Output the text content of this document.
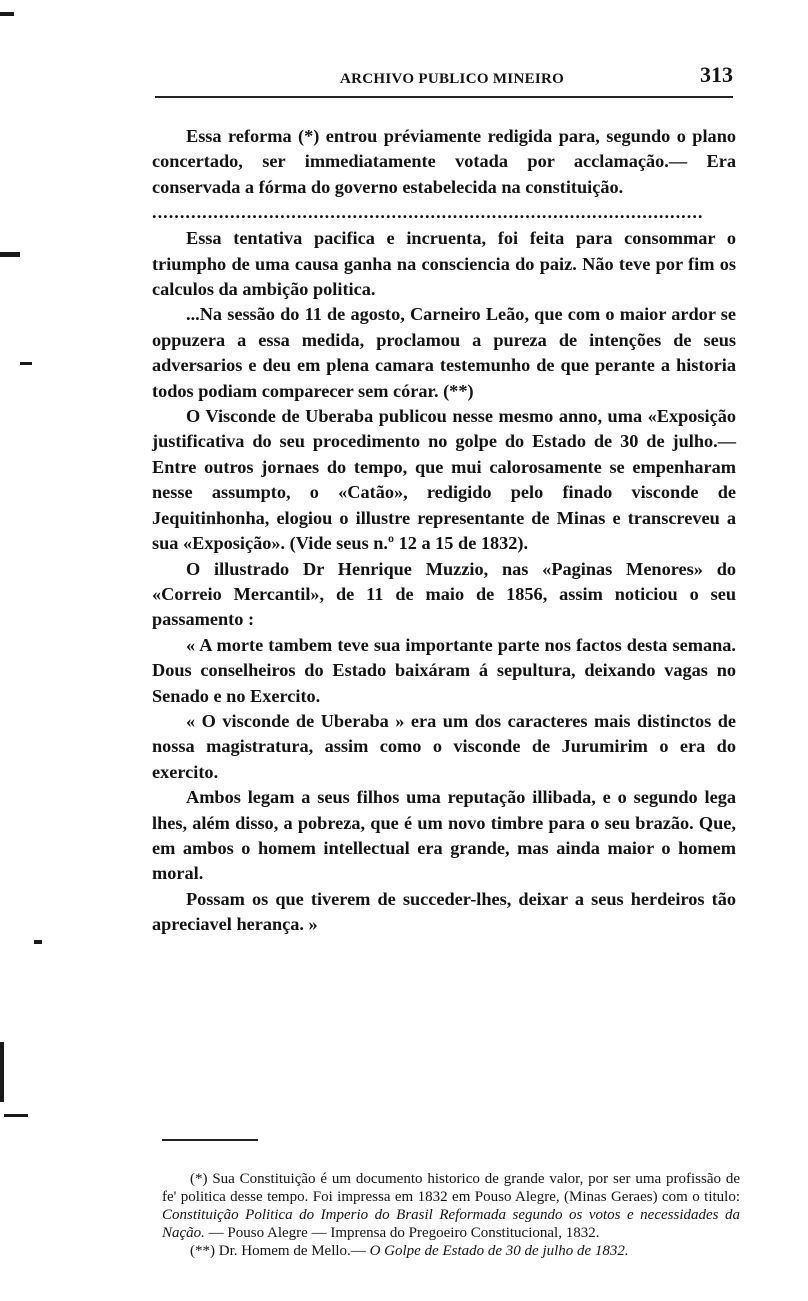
ARCHIVO PUBLICO MINEIRO	313

Essa reforma (*) entrou préviamente redigida para, segundo o plano concertado, ser immediatamente votada por acclamação.— Era conservada a fórma do governo estabelecida na constituição.

...................................................................................................

Essa tentativa pacifica e incruenta, foi feita para consommar o triumpho de uma causa ganha na consciencia do paiz. Não teve por fim os calculos da ambição politica.

...Na sessão do 11 de agosto, Carneiro Leão, que com o maior ardor se oppuzera a essa medida, proclamou a pureza de intenções de seus adversarios e deu em plena camara testemunho de que perante a historia todos podiam comparecer sem córar. (**)

O Visconde de Uberaba publicou nesse mesmo anno, uma «Exposição justificativa do seu procedimento no golpe do Estado de 30 de julho.— Entre outros jornaes do tempo, que mui calorosamente se empenharam nesse assumpto, o «Catão», redigido pelo finado visconde de Jequitinhonha, elogiou o illustre representante de Minas e transcreveu a sua «Exposição». (Vide seus n.º 12 a 15 de 1832).

O illustrado Dr Henrique Muzzio, nas «Paginas Menores» do «Correio Mercantil», de 11 de maio de 1856, assim noticiou o seu passamento :

« A morte tambem teve sua importante parte nos factos desta semana. Dous conselheiros do Estado baixáram á sepultura, deixando vagas no Senado e no Exercito.

« O visconde de Uberaba » era um dos caracteres mais distinctos de nossa magistratura, assim como o visconde de Jurumirim o era do exercito.

Ambos legam a seus filhos uma reputação illibada, e o segundo lega lhes, além disso, a pobreza, que é um novo timbre para o seu brazão. Que, em ambos o homem intellectual era grande, mas ainda maior o homem moral.

Possam os que tiverem de succeder-lhes, deixar a seus herdeiros tão apreciavel herança. »

(*) Sua Constituição é um documento historico de grande valor, por ser uma profissão de fe' politica desse tempo. Foi impressa em 1832 em Pouso Alegre, (Minas Geraes) com o titulo: Constituição Politica do Imperio do Brasil Reformada segundo os votos e necessidades da Nação. — Pouso Alegre — Imprensa do Pregoeiro Constitucional, 1832.

(**) Dr. Homem de Mello.— O Golpe de Estado de 30 de julho de 1832.
